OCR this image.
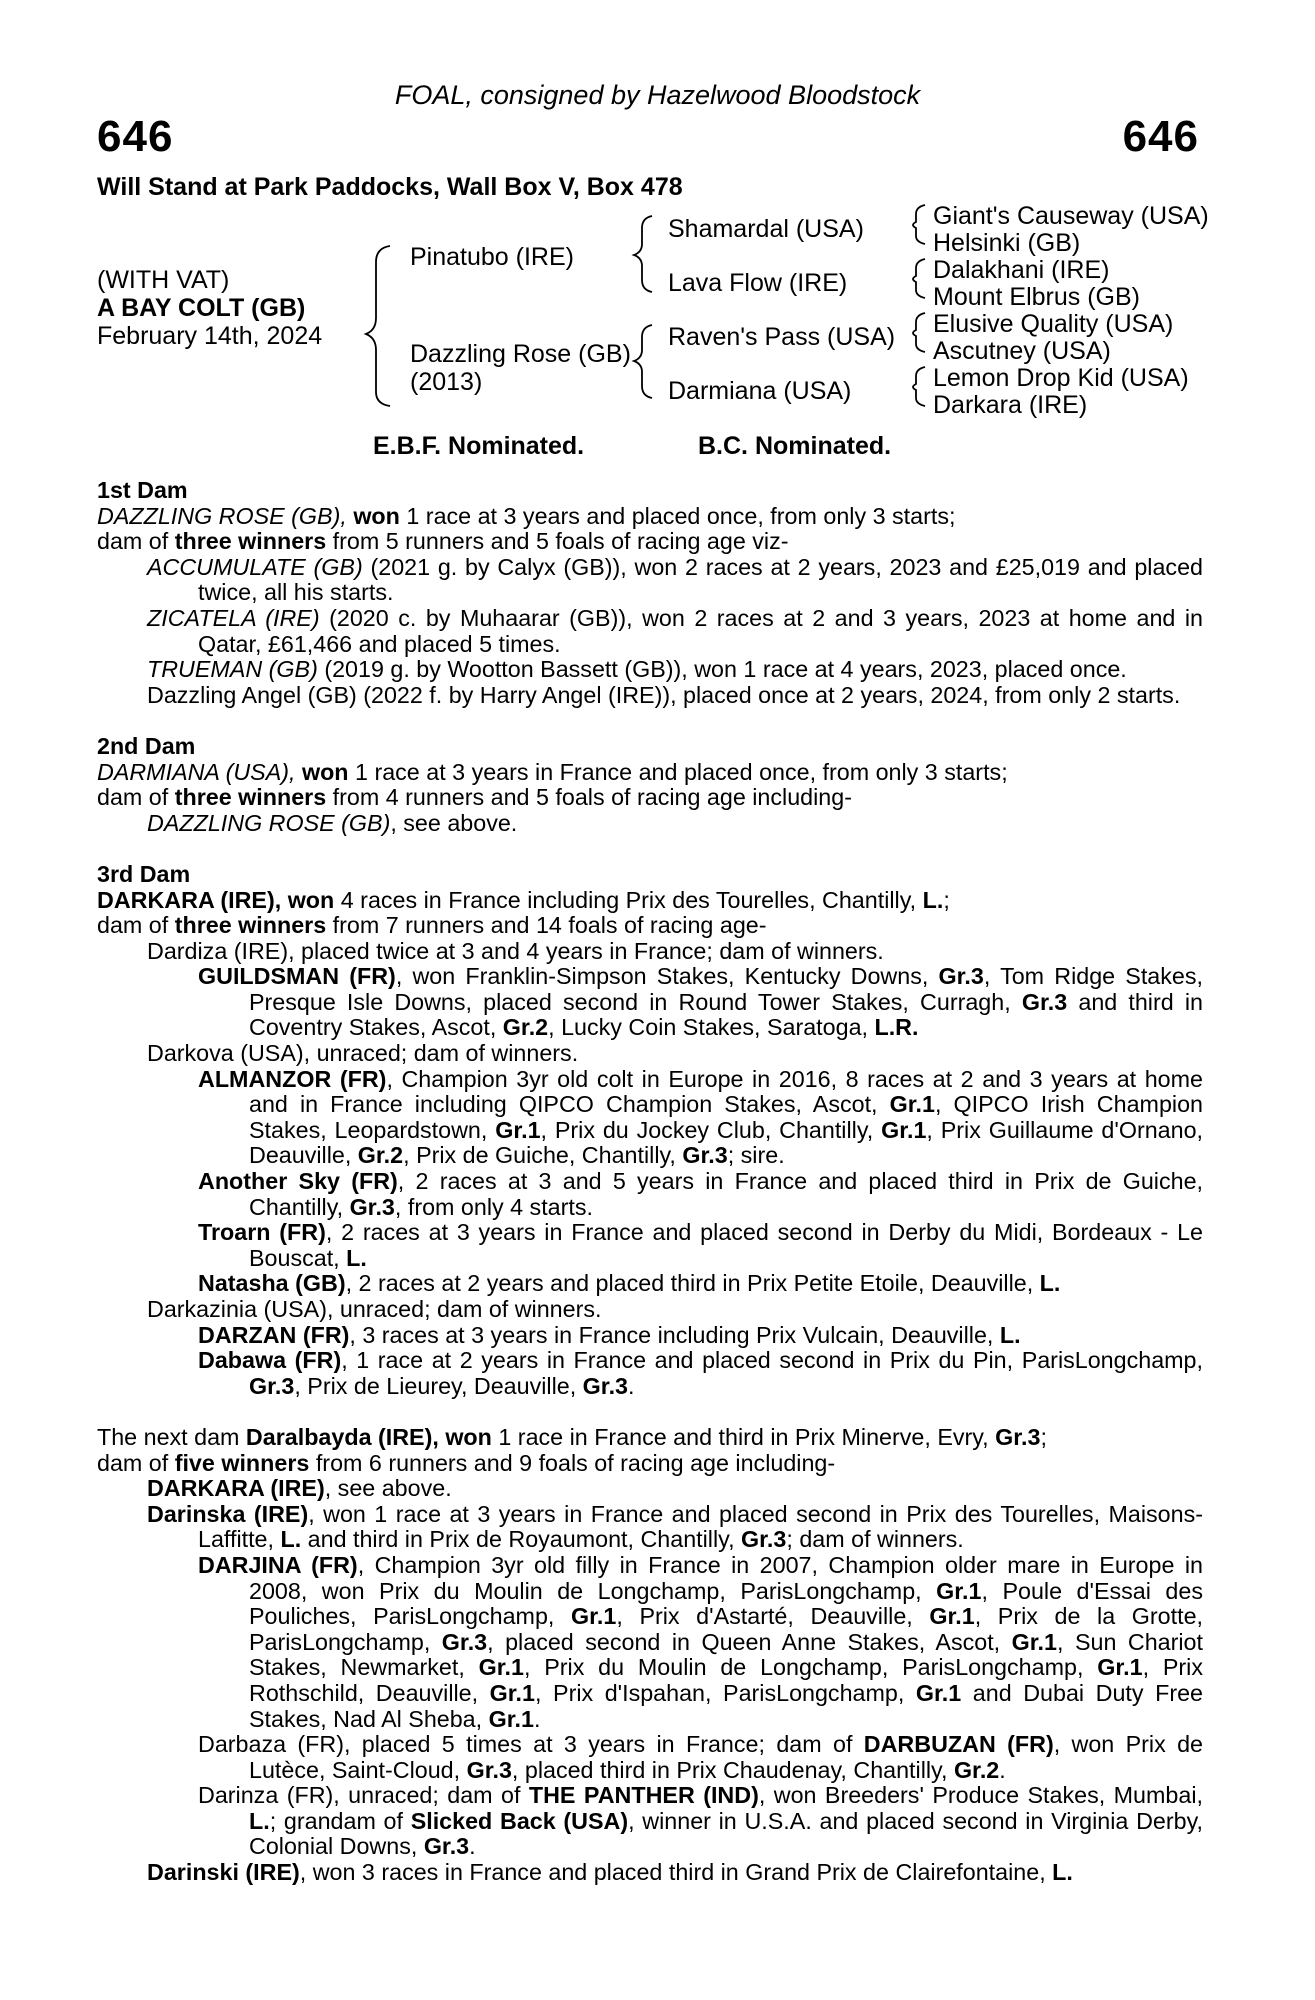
FOAL, consigned by Hazelwood Bloodstock
646	646
Will Stand at Park Paddocks, Wall Box V, Box 478
(WITH VAT)
A BAY COLT (GB)
February 14th, 2024
Pinatubo (IRE)
Dazzling Rose (GB)
(2013)
Shamardal (USA)
Lava Flow (IRE)
Raven's Pass (USA)
Darmiana (USA)
Giant's Causeway (USA)
Helsinki (GB)
Dalakhani (IRE)
Mount Elbrus (GB)
Elusive Quality (USA)
Ascutney (USA)
Lemon Drop Kid (USA)
Darkara (IRE)
E.B.F. Nominated.	B.C. Nominated.
1st Dam
DAZZLING ROSE (GB), won 1 race at 3 years and placed once, from only 3 starts;
dam of three winners from 5 runners and 5 foals of racing age viz-
ACCUMULATE (GB) (2021 g. by Calyx (GB)), won 2 races at 2 years, 2023 and £25,019 and placed twice, all his starts.
ZICATELA (IRE) (2020 c. by Muhaarar (GB)), won 2 races at 2 and 3 years, 2023 at home and in Qatar, £61,466 and placed 5 times.
TRUEMAN (GB) (2019 g. by Wootton Bassett (GB)), won 1 race at 4 years, 2023, placed once.
Dazzling Angel (GB) (2022 f. by Harry Angel (IRE)), placed once at 2 years, 2024, from only 2 starts.
2nd Dam
DARMIANA (USA), won 1 race at 3 years in France and placed once, from only 3 starts;
dam of three winners from 4 runners and 5 foals of racing age including-
DAZZLING ROSE (GB), see above.
3rd Dam
DARKARA (IRE), won 4 races in France including Prix des Tourelles, Chantilly, L.;
dam of three winners from 7 runners and 14 foals of racing age-
Dardiza (IRE), placed twice at 3 and 4 years in France; dam of winners.
GUILDSMAN (FR), won Franklin-Simpson Stakes, Kentucky Downs, Gr.3, Tom Ridge Stakes, Presque Isle Downs, placed second in Round Tower Stakes, Curragh, Gr.3 and third in Coventry Stakes, Ascot, Gr.2, Lucky Coin Stakes, Saratoga, L.R.
Darkova (USA), unraced; dam of winners.
ALMANZOR (FR), Champion 3yr old colt in Europe in 2016, 8 races at 2 and 3 years at home and in France including QIPCO Champion Stakes, Ascot, Gr.1, QIPCO Irish Champion Stakes, Leopardstown, Gr.1, Prix du Jockey Club, Chantilly, Gr.1, Prix Guillaume d'Ornano, Deauville, Gr.2, Prix de Guiche, Chantilly, Gr.3; sire.
Another Sky (FR), 2 races at 3 and 5 years in France and placed third in Prix de Guiche, Chantilly, Gr.3, from only 4 starts.
Troarn (FR), 2 races at 3 years in France and placed second in Derby du Midi, Bordeaux - Le Bouscat, L.
Natasha (GB), 2 races at 2 years and placed third in Prix Petite Etoile, Deauville, L.
Darkazinia (USA), unraced; dam of winners.
DARZAN (FR), 3 races at 3 years in France including Prix Vulcain, Deauville, L.
Dabawa (FR), 1 race at 2 years in France and placed second in Prix du Pin, ParisLongchamp, Gr.3, Prix de Lieurey, Deauville, Gr.3.
The next dam Daralbayda (IRE), won 1 race in France and third in Prix Minerve, Evry, Gr.3;
dam of five winners from 6 runners and 9 foals of racing age including-
DARKARA (IRE), see above.
Darinska (IRE), won 1 race at 3 years in France and placed second in Prix des Tourelles, Maisons-Laffitte, L. and third in Prix de Royaumont, Chantilly, Gr.3; dam of winners.
DARJINA (FR), Champion 3yr old filly in France in 2007, Champion older mare in Europe in 2008, won Prix du Moulin de Longchamp, ParisLongchamp, Gr.1, Poule d'Essai des Pouliches, ParisLongchamp, Gr.1, Prix d'Astarté, Deauville, Gr.1, Prix de la Grotte, ParisLongchamp, Gr.3, placed second in Queen Anne Stakes, Ascot, Gr.1, Sun Chariot Stakes, Newmarket, Gr.1, Prix du Moulin de Longchamp, ParisLongchamp, Gr.1, Prix Rothschild, Deauville, Gr.1, Prix d'Ispahan, ParisLongchamp, Gr.1 and Dubai Duty Free Stakes, Nad Al Sheba, Gr.1.
Darbaza (FR), placed 5 times at 3 years in France; dam of DARBUZAN (FR), won Prix de Lutèce, Saint-Cloud, Gr.3, placed third in Prix Chaudenay, Chantilly, Gr.2.
Darinza (FR), unraced; dam of THE PANTHER (IND), won Breeders' Produce Stakes, Mumbai, L.; grandam of Slicked Back (USA), winner in U.S.A. and placed second in Virginia Derby, Colonial Downs, Gr.3.
Darinski (IRE), won 3 races in France and placed third in Grand Prix de Clairefontaine, L.
